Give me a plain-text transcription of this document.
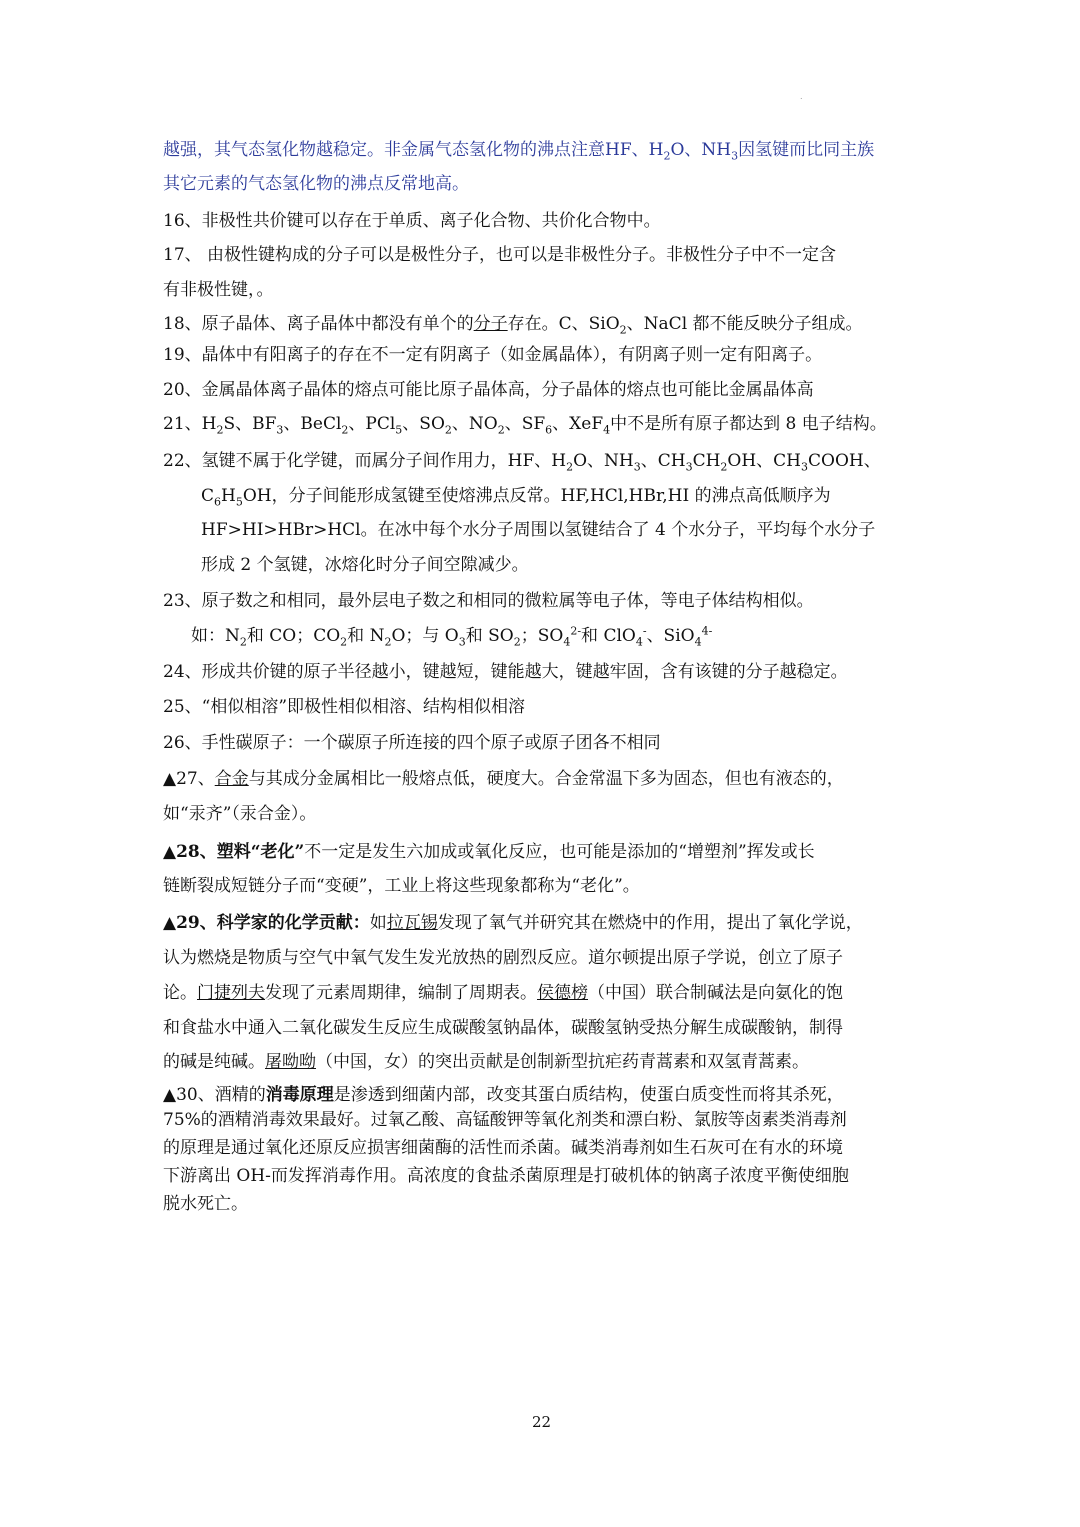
.
越强，其气态氢化物越稳定。非金属气态氢化物的沸点注意HF、$H_2O$、$NH_3$因氢键而比同主族
其它元素的气态氢化物的沸点反常地高。
16、非极性共价键可以存在于单质、离子化合物、共价化合物中。
17、 由极性键构成的分子可以是极性分子，也可以是非极性分子。非极性分子中不一定含
有非极性键，。
18、原子晶体、离子晶体中都没有单个的分子存在。C、SiO$_2$、NaCl 都不能反映分子组成。
19、晶体中有阳离子的存在不一定有阴离子（如金属晶体），有阴离子则一定有阳离子。
20、金属晶体离子晶体的熔点可能比原子晶体高，分子晶体的熔点也可能比金属晶体高
21、$H_2S$、$BF_3$、BeCl$_2$、PCl$_5$、$SO_2$、$NO_2$、$SF_6$、XeF$_4$中不是所有原子都达到 8 电子结构。
22、氢键不属于化学键，而属分子间作用力，HF、$H_2O$、$NH_3$、$CH_3CH_2OH$、$CH_3COOH$、
$C_6H_5OH$，分子间能形成氢键至使熔沸点反常。HF,HCl,HBr,HI 的沸点高低顺序为
HF>HI>HBr>HCl。在冰中每个水分子周围以氢键结合了 4 个水分子，平均每个水分子
形成 2 个氢键，冰熔化时分子间空隙减少。
23、原子数之和相同，最外层电子数之和相同的微粒属等电子体，等电子体结构相似。
如：$N_2$和 CO；$CO_2$和 $N_2O$；与 $O_3$和 $SO_2$；$SO_4^{2-}$和 ClO$_4$-、SiO$_4^{4-}$
24、形成共价键的原子半径越小，键越短，键能越大，键越牢固，含有该键的分子越稳定。
25、“相似相溶”即极性相似相溶、结构相似相溶
26、手性碳原子：一个碳原子所连接的四个原子或原子团各不相同
▲27、合金与其成分金属相比一般熔点低，硬度大。合金常温下多为固态，但也有液态的，
如“汞齐”（汞合金）。
▲28、塑料“老化”不一定是发生六加成或氧化反应，也可能是添加的“增塑剂”挥发或长
链断裂成短链分子而“变硬”，工业上将这些现象都称为“老化”。
▲29、科学家的化学贡献：如拉瓦锡发现了氧气并研究其在燃烧中的作用，提出了氧化学说，
认为燃烧是物质与空气中氧气发生发光放热的剧烈反应。道尔顿提出原子学说，创立了原子
论。门捷列夫发现了元素周期律，编制了周期表。侯德榜（中国）联合制碱法是向氨化的饱
和食盐水中通入二氧化碳发生反应生成碳酸氢钠晶体，碳酸氢钠受热分解生成碳酸钠，制得
的碱是纯碱。屠呦呦（中国，女）的突出贡献是创制新型抗疟药青蒿素和双氢青蒿素。
▲30、酒精的消毒原理是渗透到细菌内部，改变其蛋白质结构，使蛋白质变性而将其杀死，
75%的酒精消毒效果最好。过氧乙酸、高锰酸钾等氧化剂类和漂白粉、氯胺等卤素类消毒剂
的原理是通过氧化还原反应损害细菌酶的活性而杀菌。碱类消毒剂如生石灰可在有水的环境
下游离出 OH-而发挥消毒作用。高浓度的食盐杀菌原理是打破机体的钠离子浓度平衡使细胞
脱水死亡。
22
